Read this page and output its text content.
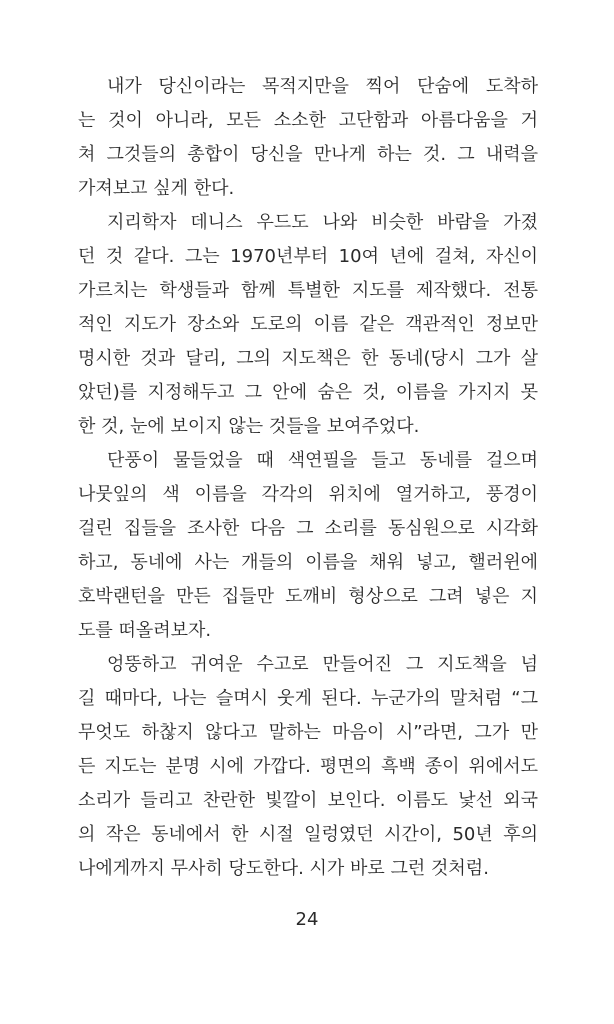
내가 당신이라는 목적지만을 찍어 단숨에 도착하
는 것이 아니라, 모든 소소한 고단함과 아름다움을 거
쳐 그것들의 총합이 당신을 만나게 하는 것. 그 내력을
가져보고 싶게 한다.
지리학자 데니스 우드도 나와 비슷한 바람을 가졌
던 것 같다. 그는 1970년부터 10여 년에 걸쳐, 자신이
가르치는 학생들과 함께 특별한 지도를 제작했다. 전통
적인 지도가 장소와 도로의 이름 같은 객관적인 정보만
명시한 것과 달리, 그의 지도책은 한 동네(당시 그가 살
았던)를 지정해두고 그 안에 숨은 것, 이름을 가지지 못
한 것, 눈에 보이지 않는 것들을 보여주었다.
단풍이 물들었을 때 색연필을 들고 동네를 걸으며
나뭇잎의 색 이름을 각각의 위치에 열거하고, 풍경이
걸린 집들을 조사한 다음 그 소리를 동심원으로 시각화
하고, 동네에 사는 개들의 이름을 채워 넣고, 핼러윈에
호박랜턴을 만든 집들만 도깨비 형상으로 그려 넣은 지
도를 떠올려보자.
엉뚱하고 귀여운 수고로 만들어진 그 지도책을 넘
길 때마다, 나는 슬며시 웃게 된다. 누군가의 말처럼 “그
무엇도 하찮지 않다고 말하는 마음이 시”라면, 그가 만
든 지도는 분명 시에 가깝다. 평면의 흑백 종이 위에서도
소리가 들리고 찬란한 빛깔이 보인다. 이름도 낯선 외국
의 작은 동네에서 한 시절 일렁였던 시간이, 50년 후의
나에게까지 무사히 당도한다. 시가 바로 그런 것처럼.
24
